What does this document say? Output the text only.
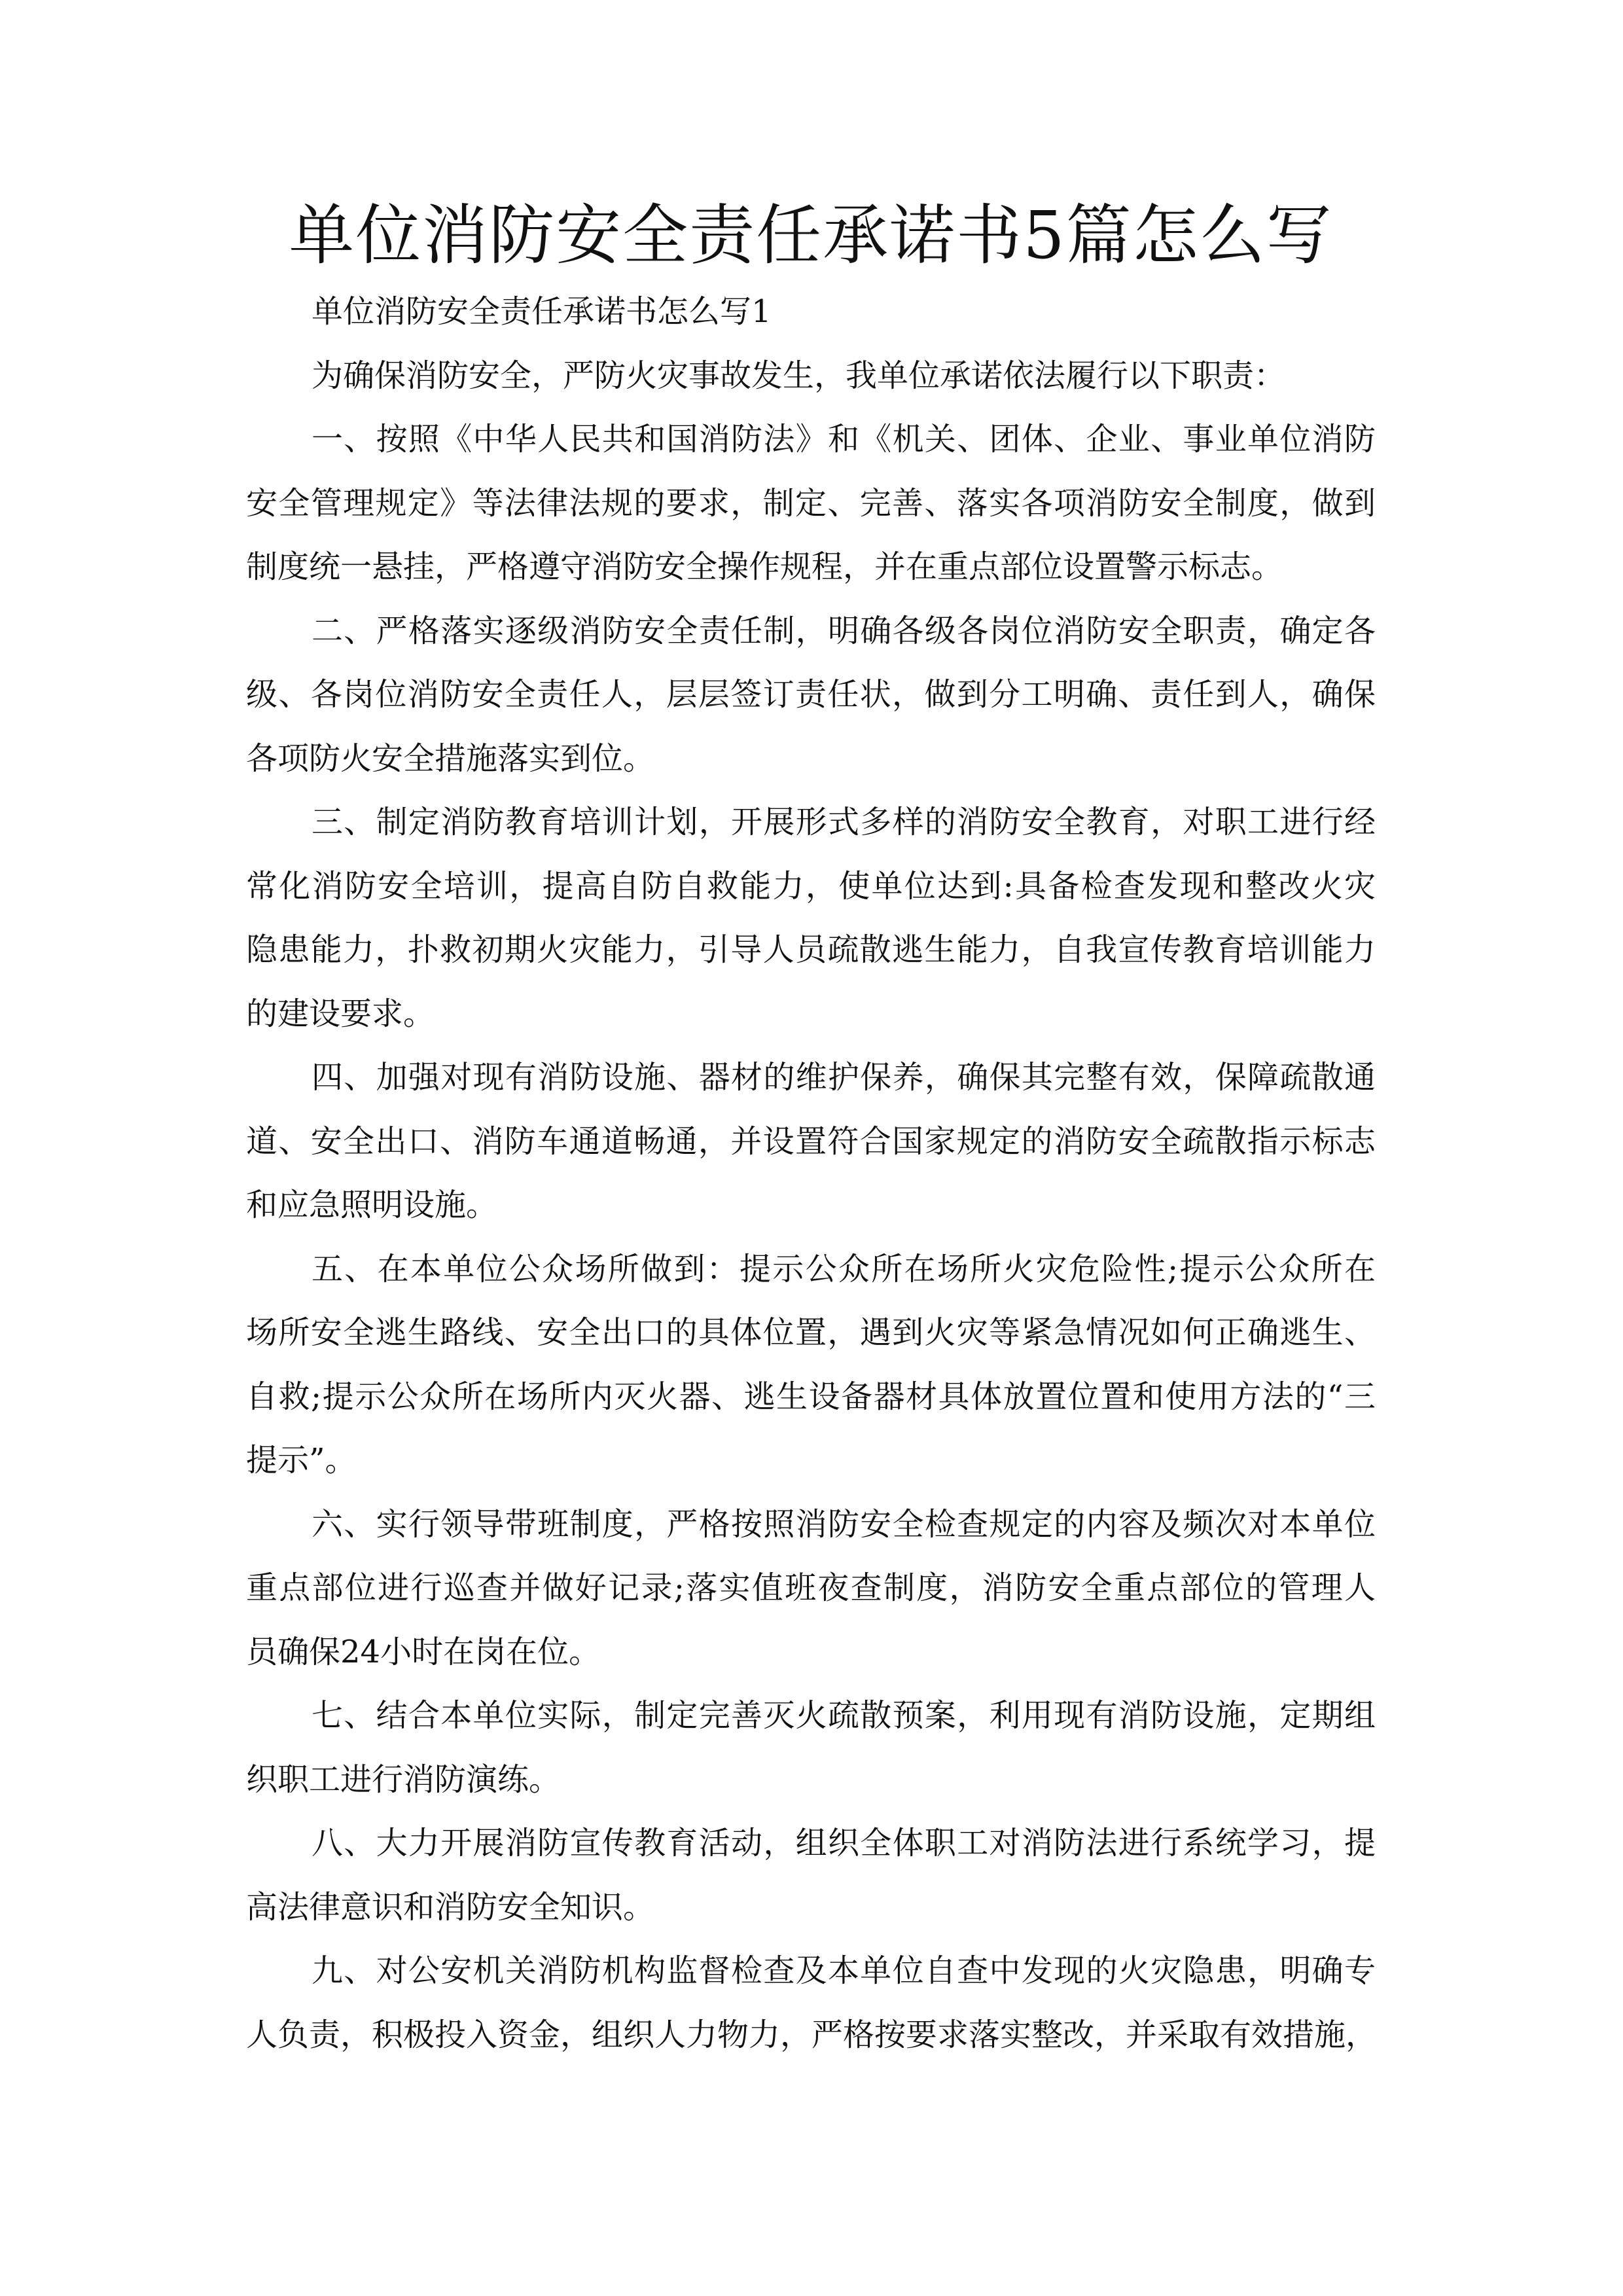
单位消防安全责任承诺书5篇怎么写
单位消防安全责任承诺书怎么写1
为确保消防安全，严防火灾事故发生，我单位承诺依法履行以下职责：
一、按照《中华人民共和国消防法》和《机关、团体、企业、事业单位消防
安全管理规定》等法律法规的要求，制定、完善、落实各项消防安全制度，做到
制度统一悬挂，严格遵守消防安全操作规程，并在重点部位设置警示标志。
二、严格落实逐级消防安全责任制，明确各级各岗位消防安全职责，确定各
级、各岗位消防安全责任人，层层签订责任状，做到分工明确、责任到人，确保
各项防火安全措施落实到位。
三、制定消防教育培训计划，开展形式多样的消防安全教育，对职工进行经
常化消防安全培训，提高自防自救能力，使单位达到:具备检查发现和整改火灾
隐患能力，扑救初期火灾能力，引导人员疏散逃生能力，自我宣传教育培训能力
的建设要求。
四、加强对现有消防设施、器材的维护保养，确保其完整有效，保障疏散通
道、安全出口、消防车通道畅通，并设置符合国家规定的消防安全疏散指示标志
和应急照明设施。
五、在本单位公众场所做到：提示公众所在场所火灾危险性;提示公众所在
场所安全逃生路线、安全出口的具体位置，遇到火灾等紧急情况如何正确逃生、
自救;提示公众所在场所内灭火器、逃生设备器材具体放置位置和使用方法的“三
提示”。
六、实行领导带班制度，严格按照消防安全检查规定的内容及频次对本单位
重点部位进行巡查并做好记录;落实值班夜查制度，消防安全重点部位的管理人
员确保24小时在岗在位。
七、结合本单位实际，制定完善灭火疏散预案，利用现有消防设施，定期组
织职工进行消防演练。
八、大力开展消防宣传教育活动，组织全体职工对消防法进行系统学习，提
高法律意识和消防安全知识。
九、对公安机关消防机构监督检查及本单位自查中发现的火灾隐患，明确专
人负责，积极投入资金，组织人力物力，严格按要求落实整改，并采取有效措施，
